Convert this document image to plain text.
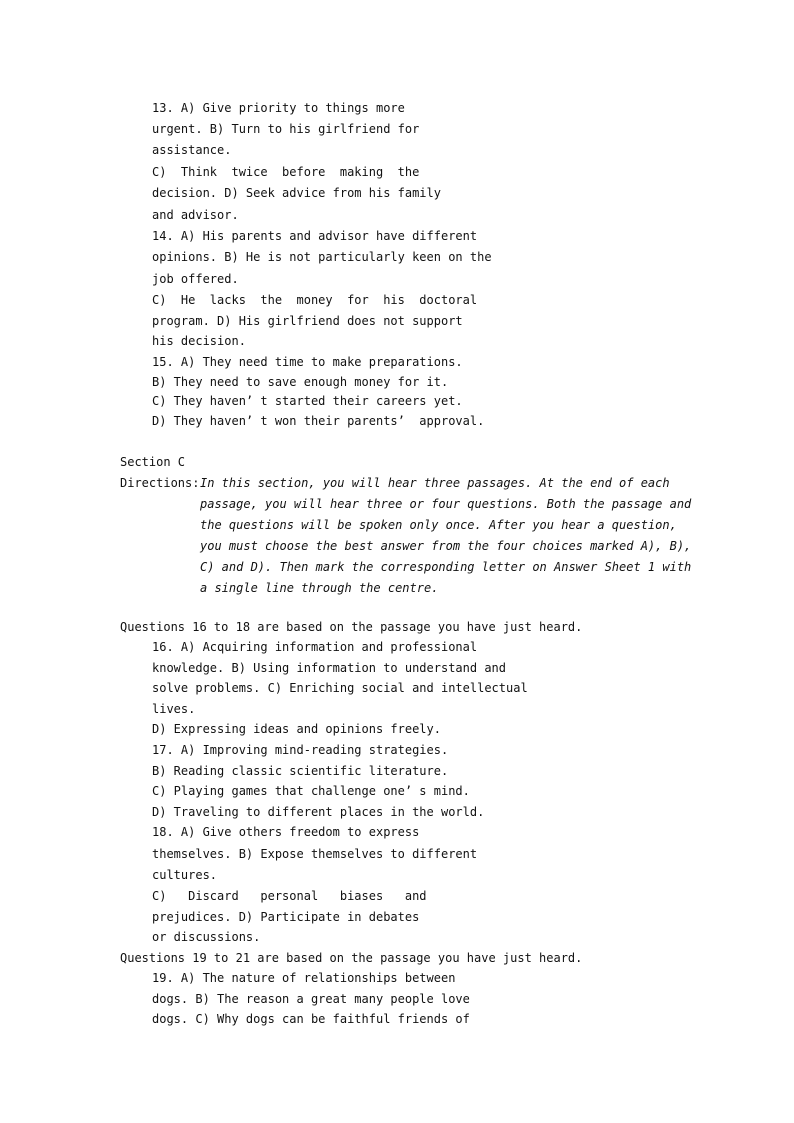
13. A) Give priority to things more
urgent. B) Turn to his girlfriend for
assistance.
C)  Think  twice  before  making  the
decision. D) Seek advice from his family
and advisor.
14. A) His parents and advisor have different
opinions. B) He is not particularly keen on the
job offered.
C)  He  lacks  the  money  for  his  doctoral
program. D) His girlfriend does not support
his decision.
15. A) They need time to make preparations.
B) They need to save enough money for it.
C) They haven’ t started their careers yet.
D) They haven’ t won their parents’  approval.
Section C
Directions: In this section, you will hear three passages. At the end of each
passage, you will hear three or four questions. Both the passage and
the questions will be spoken only once. After you hear a question,
you must choose the best answer from the four choices marked A), B),
C) and D). Then mark the corresponding letter on Answer Sheet 1 with
a single line through the centre.
Questions 16 to 18 are based on the passage you have just heard.
16. A) Acquiring information and professional
knowledge. B) Using information to understand and
solve problems. C) Enriching social and intellectual
lives.
D) Expressing ideas and opinions freely.
17. A) Improving mind-reading strategies.
B) Reading classic scientific literature.
C) Playing games that challenge one’ s mind.
D) Traveling to different places in the world.
18. A) Give others freedom to express
themselves. B) Expose themselves to different
cultures.
C)   Discard   personal   biases   and
prejudices. D) Participate in debates
or discussions.
Questions 19 to 21 are based on the passage you have just heard.
19. A) The nature of relationships between
dogs. B) The reason a great many people love
dogs. C) Why dogs can be faithful friends of
